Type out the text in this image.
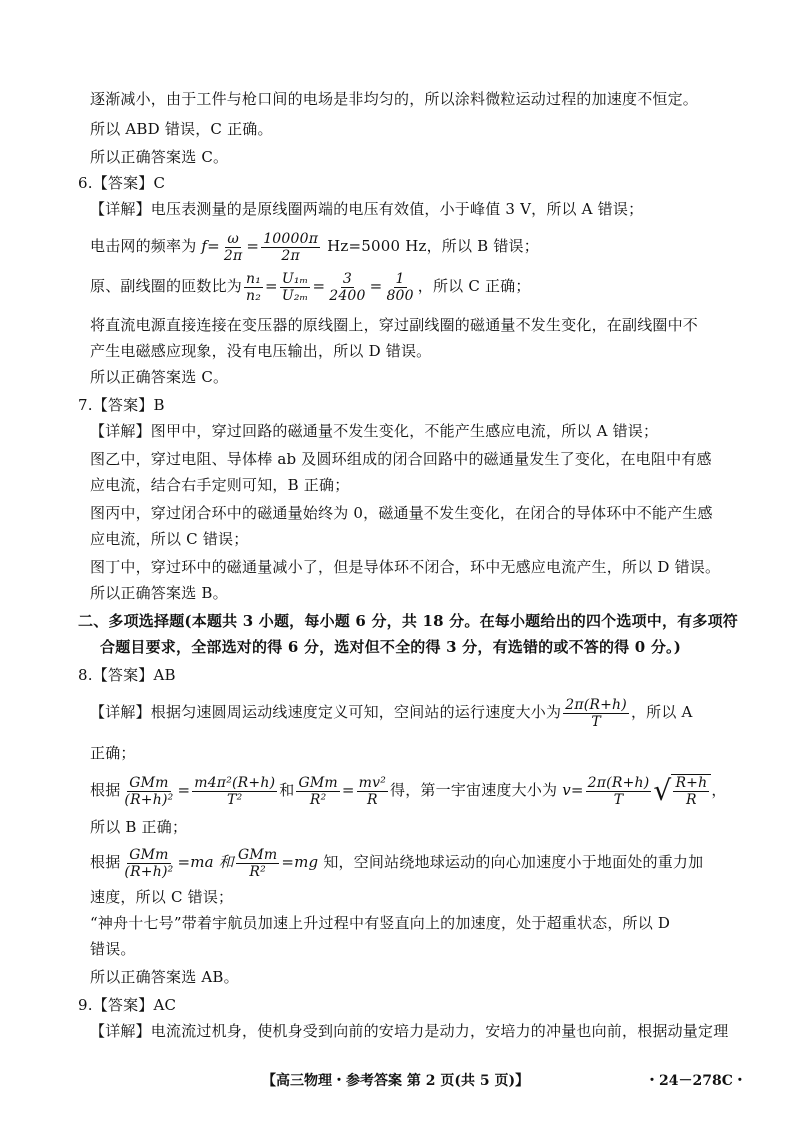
逐渐减小，由于工件与枪口间的电场是非均匀的，所以涂料微粒运动过程的加速度不恒定。
所以 ABD 错误，C 正确。
所以正确答案选 C。
6.【答案】C
【详解】电压表测量的是原线圈两端的电压有效值，小于峰值 3 V，所以 A 错误；
电击网的频率为 $f= \frac{\omega}{2\pi} = \frac{10000\pi}{2\pi} Hz=5000$ Hz，所以 B 错误；
原、副线圈的匝数比为 $\frac{\text{n₁}}{\text{n₂}} = \frac{\text{U₁ₘ}}{\text{U₂ₘ}} = \frac{3}{2400} = \frac{1}{800}$ ，所以 C 正确；
将直流电源直接连接在变压器的原线圈上，穿过副线圈的磁通量不发生变化，在副线圈中不
产生电磁感应现象，没有电压输出，所以 D 错误。
所以正确答案选 C。
7.【答案】B
【详解】图甲中，穿过回路的磁通量不发生变化，不能产生感应电流，所以 A 错误；
图乙中，穿过电阻、导体棒 ab 及圆环组成的闭合回路中的磁通量发生了变化，在电阻中有感
应电流，结合右手定则可知，B 正确；
图丙中，穿过闭合环中的磁通量始终为 0，磁通量不发生变化，在闭合的导体环中不能产生感
应电流，所以 C 错误；
图丁中，穿过环中的磁通量减小了，但是导体环不闭合，环中无感应电流产生，所以 D 错误。
所以正确答案选 B。
二、多项选择题(本题共 3 小题，每小题 6 分，共 18 分。在每小题给出的四个选项中，有多项符
合题目要求，全部选对的得 6 分，选对但不全的得 3 分，有选错的或不答的得 0 分。)
8.【答案】AB
【详解】根据匀速圆周运动线速度定义可知，空间站的运行速度大小为 $\frac{2\pi(R+h)}{T}$ ，所以 A
正确；
根据 $\frac{\text{GMm}}{\text{(R+h)²}} = \frac{\text{m4π²(R+h)}}{\text{T²}}$ 和 $\frac{\text{GMm}}{\text{R²}} = \frac{\text{mv²}}{R}$ 得，第一宇宙速度大小为 $v= \frac{2\pi(R+h)}{T}$ √ $\frac{R+h}{R}$ ，
所以 B 正确；
根据 $\frac{\text{GMm}}{\text{(R+h)²}} =ma$ 和 $\frac{\text{GMm}}{\text{R²}} =mg$ 知，空间站绕地球运动的向心加速度小于地面处的重力加
速度，所以 C 错误；
“神舟十七号”带着宇航员加速上升过程中有竖直向上的加速度，处于超重状态，所以 D
错误。
所以正确答案选 AB。
9.【答案】AC
【详解】电流流过机身，使机身受到向前的安培力是动力，安培力的冲量也向前，根据动量定理
【高三物理・参考答案 第 2 页(共 5 页)】	・24－278C・
